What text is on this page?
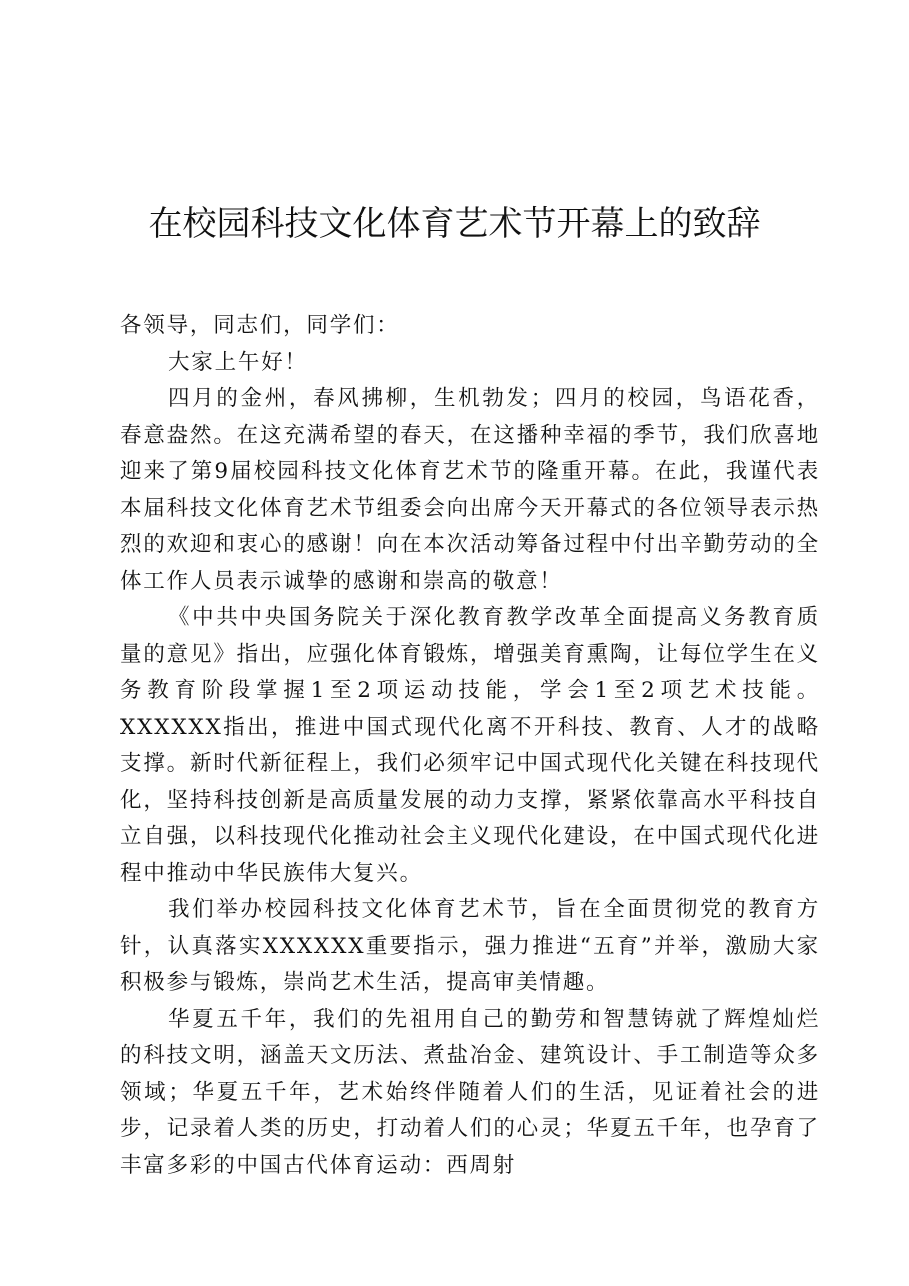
在校园科技文化体育艺术节开幕上的致辞

各领导，同志们，同学们：

大家上午好！

四月的金州，春风拂柳，生机勃发；四月的校园，鸟语花香，春意盎然。在这充满希望的春天，在这播种幸福的季节，我们欣喜地迎来了第9届校园科技文化体育艺术节的隆重开幕。在此，我谨代表本届科技文化体育艺术节组委会向出席今天开幕式的各位领导表示热烈的欢迎和衷心的感谢！向在本次活动筹备过程中付出辛勤劳动的全体工作人员表示诚挚的感谢和崇高的敬意！

《中共中央国务院关于深化教育教学改革全面提高义务教育质量的意见》指出，应强化体育锻炼，增强美育熏陶，让每位学生在义务教育阶段掌握1至2项运动技能，学会1至2项艺术技能。XXXXXX指出，推进中国式现代化离不开科技、教育、人才的战略支撑。新时代新征程上，我们必须牢记中国式现代化关键在科技现代化，坚持科技创新是高质量发展的动力支撑，紧紧依靠高水平科技自立自强，以科技现代化推动社会主义现代化建设，在中国式现代化进程中推动中华民族伟大复兴。

我们举办校园科技文化体育艺术节，旨在全面贯彻党的教育方针，认真落实XXXXXX重要指示，强力推进“五育”并举，激励大家积极参与锻炼，崇尚艺术生活，提高审美情趣。

华夏五千年，我们的先祖用自己的勤劳和智慧铸就了辉煌灿烂的科技文明，涵盖天文历法、煮盐冶金、建筑设计、手工制造等众多领域；华夏五千年，艺术始终伴随着人们的生活，见证着社会的进步，记录着人类的历史，打动着人们的心灵；华夏五千年，也孕育了丰富多彩的中国古代体育运动：西周射
